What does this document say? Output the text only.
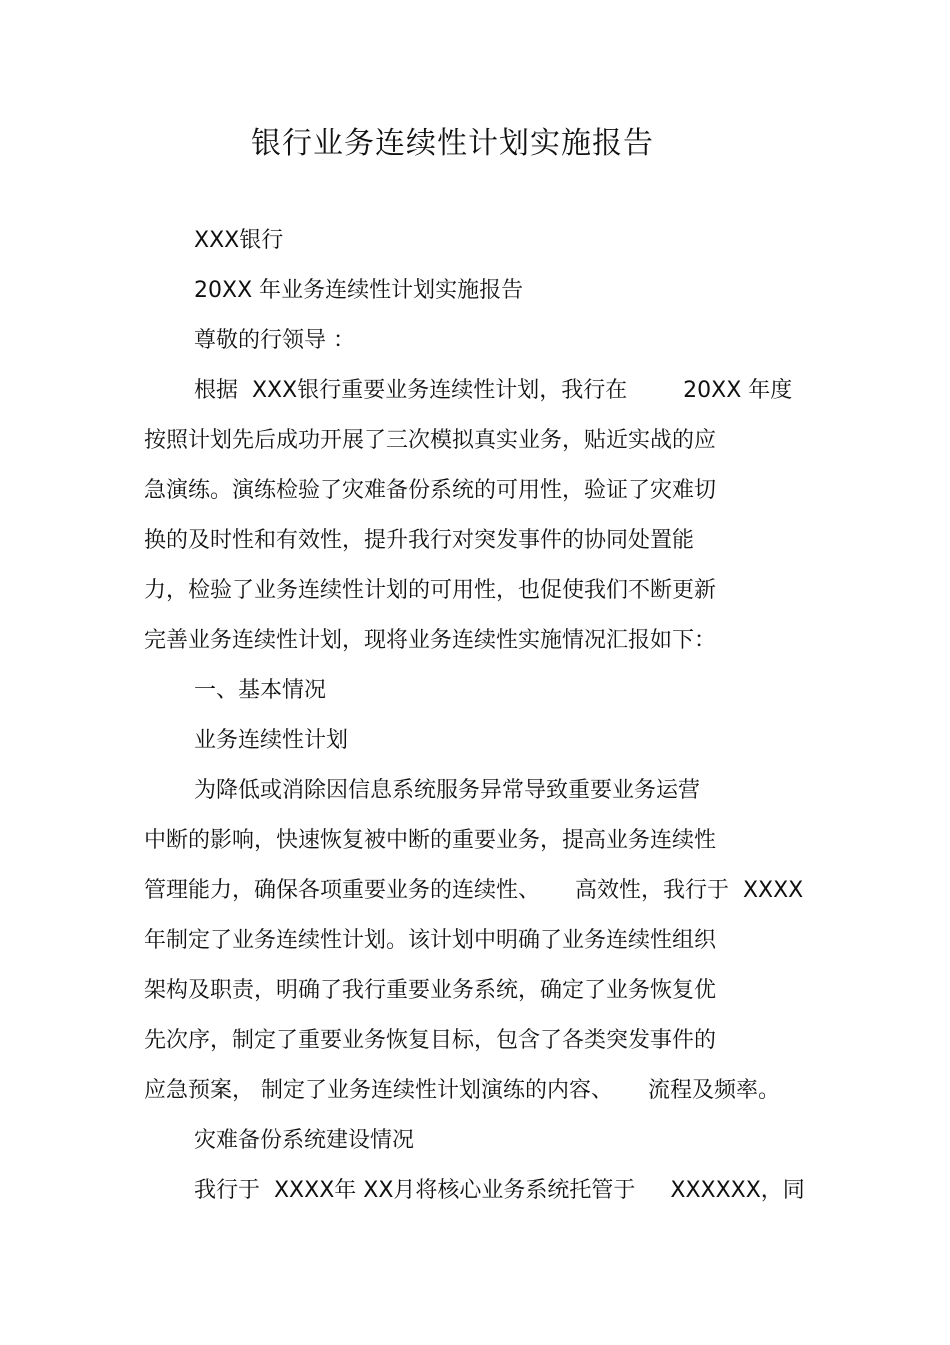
银行业务连续性计划实施报告
XXX银行
20XX 年业务连续性计划实施报告
尊敬的行领导 ：
根据  XXX银行重要业务连续性计划，我行在        20XX 年度
按照计划先后成功开展了三次模拟真实业务，贴近实战的应
急演练。演练检验了灾难备份系统的可用性，验证了灾难切
换的及时性和有效性，提升我行对突发事件的协同处置能
力，检验了业务连续性计划的可用性，也促使我们不断更新
完善业务连续性计划，现将业务连续性实施情况汇报如下：
一、基本情况
业务连续性计划
为降低或消除因信息系统服务异常导致重要业务运营
中断的影响，快速恢复被中断的重要业务，提高业务连续性
管理能力，确保各项重要业务的连续性、     高效性，我行于  XXXX
年制定了业务连续性计划。该计划中明确了业务连续性组织
架构及职责，明确了我行重要业务系统，确定了业务恢复优
先次序，制定了重要业务恢复目标，包含了各类突发事件的
应急预案， 制定了业务连续性计划演练的内容、     流程及频率。
灾难备份系统建设情况
我行于  XXXX年 XX月将核心业务系统托管于     XXXXXX，同
